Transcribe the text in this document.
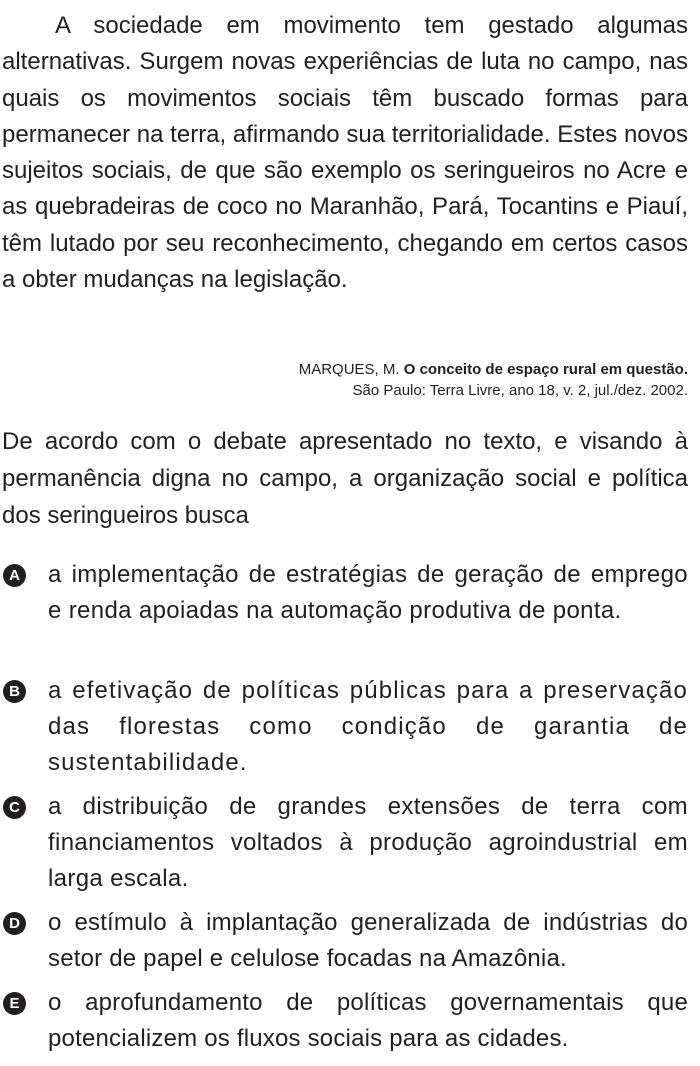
A sociedade em movimento tem gestado algumas alternativas. Surgem novas experiências de luta no campo, nas quais os movimentos sociais têm buscado formas para permanecer na terra, afirmando sua territorialidade. Estes novos sujeitos sociais, de que são exemplo os seringueiros no Acre e as quebradeiras de coco no Maranhão, Pará, Tocantins e Piauí, têm lutado por seu reconhecimento, chegando em certos casos a obter mudanças na legislação.

MARQUES, M. O conceito de espaço rural em questão.
São Paulo: Terra Livre, ano 18, v. 2, jul./dez. 2002.

De acordo com o debate apresentado no texto, e visando à permanência digna no campo, a organização social e política dos seringueiros busca

A a implementação de estratégias de geração de emprego e renda apoiadas na automação produtiva de ponta.
B a efetivação de políticas públicas para a preservação das florestas como condição de garantia de sustentabilidade.
C a distribuição de grandes extensões de terra com financiamentos voltados à produção agroindustrial em larga escala.
D o estímulo à implantação generalizada de indústrias do setor de papel e celulose focadas na Amazônia.
E o aprofundamento de políticas governamentais que potencializem os fluxos sociais para as cidades.
